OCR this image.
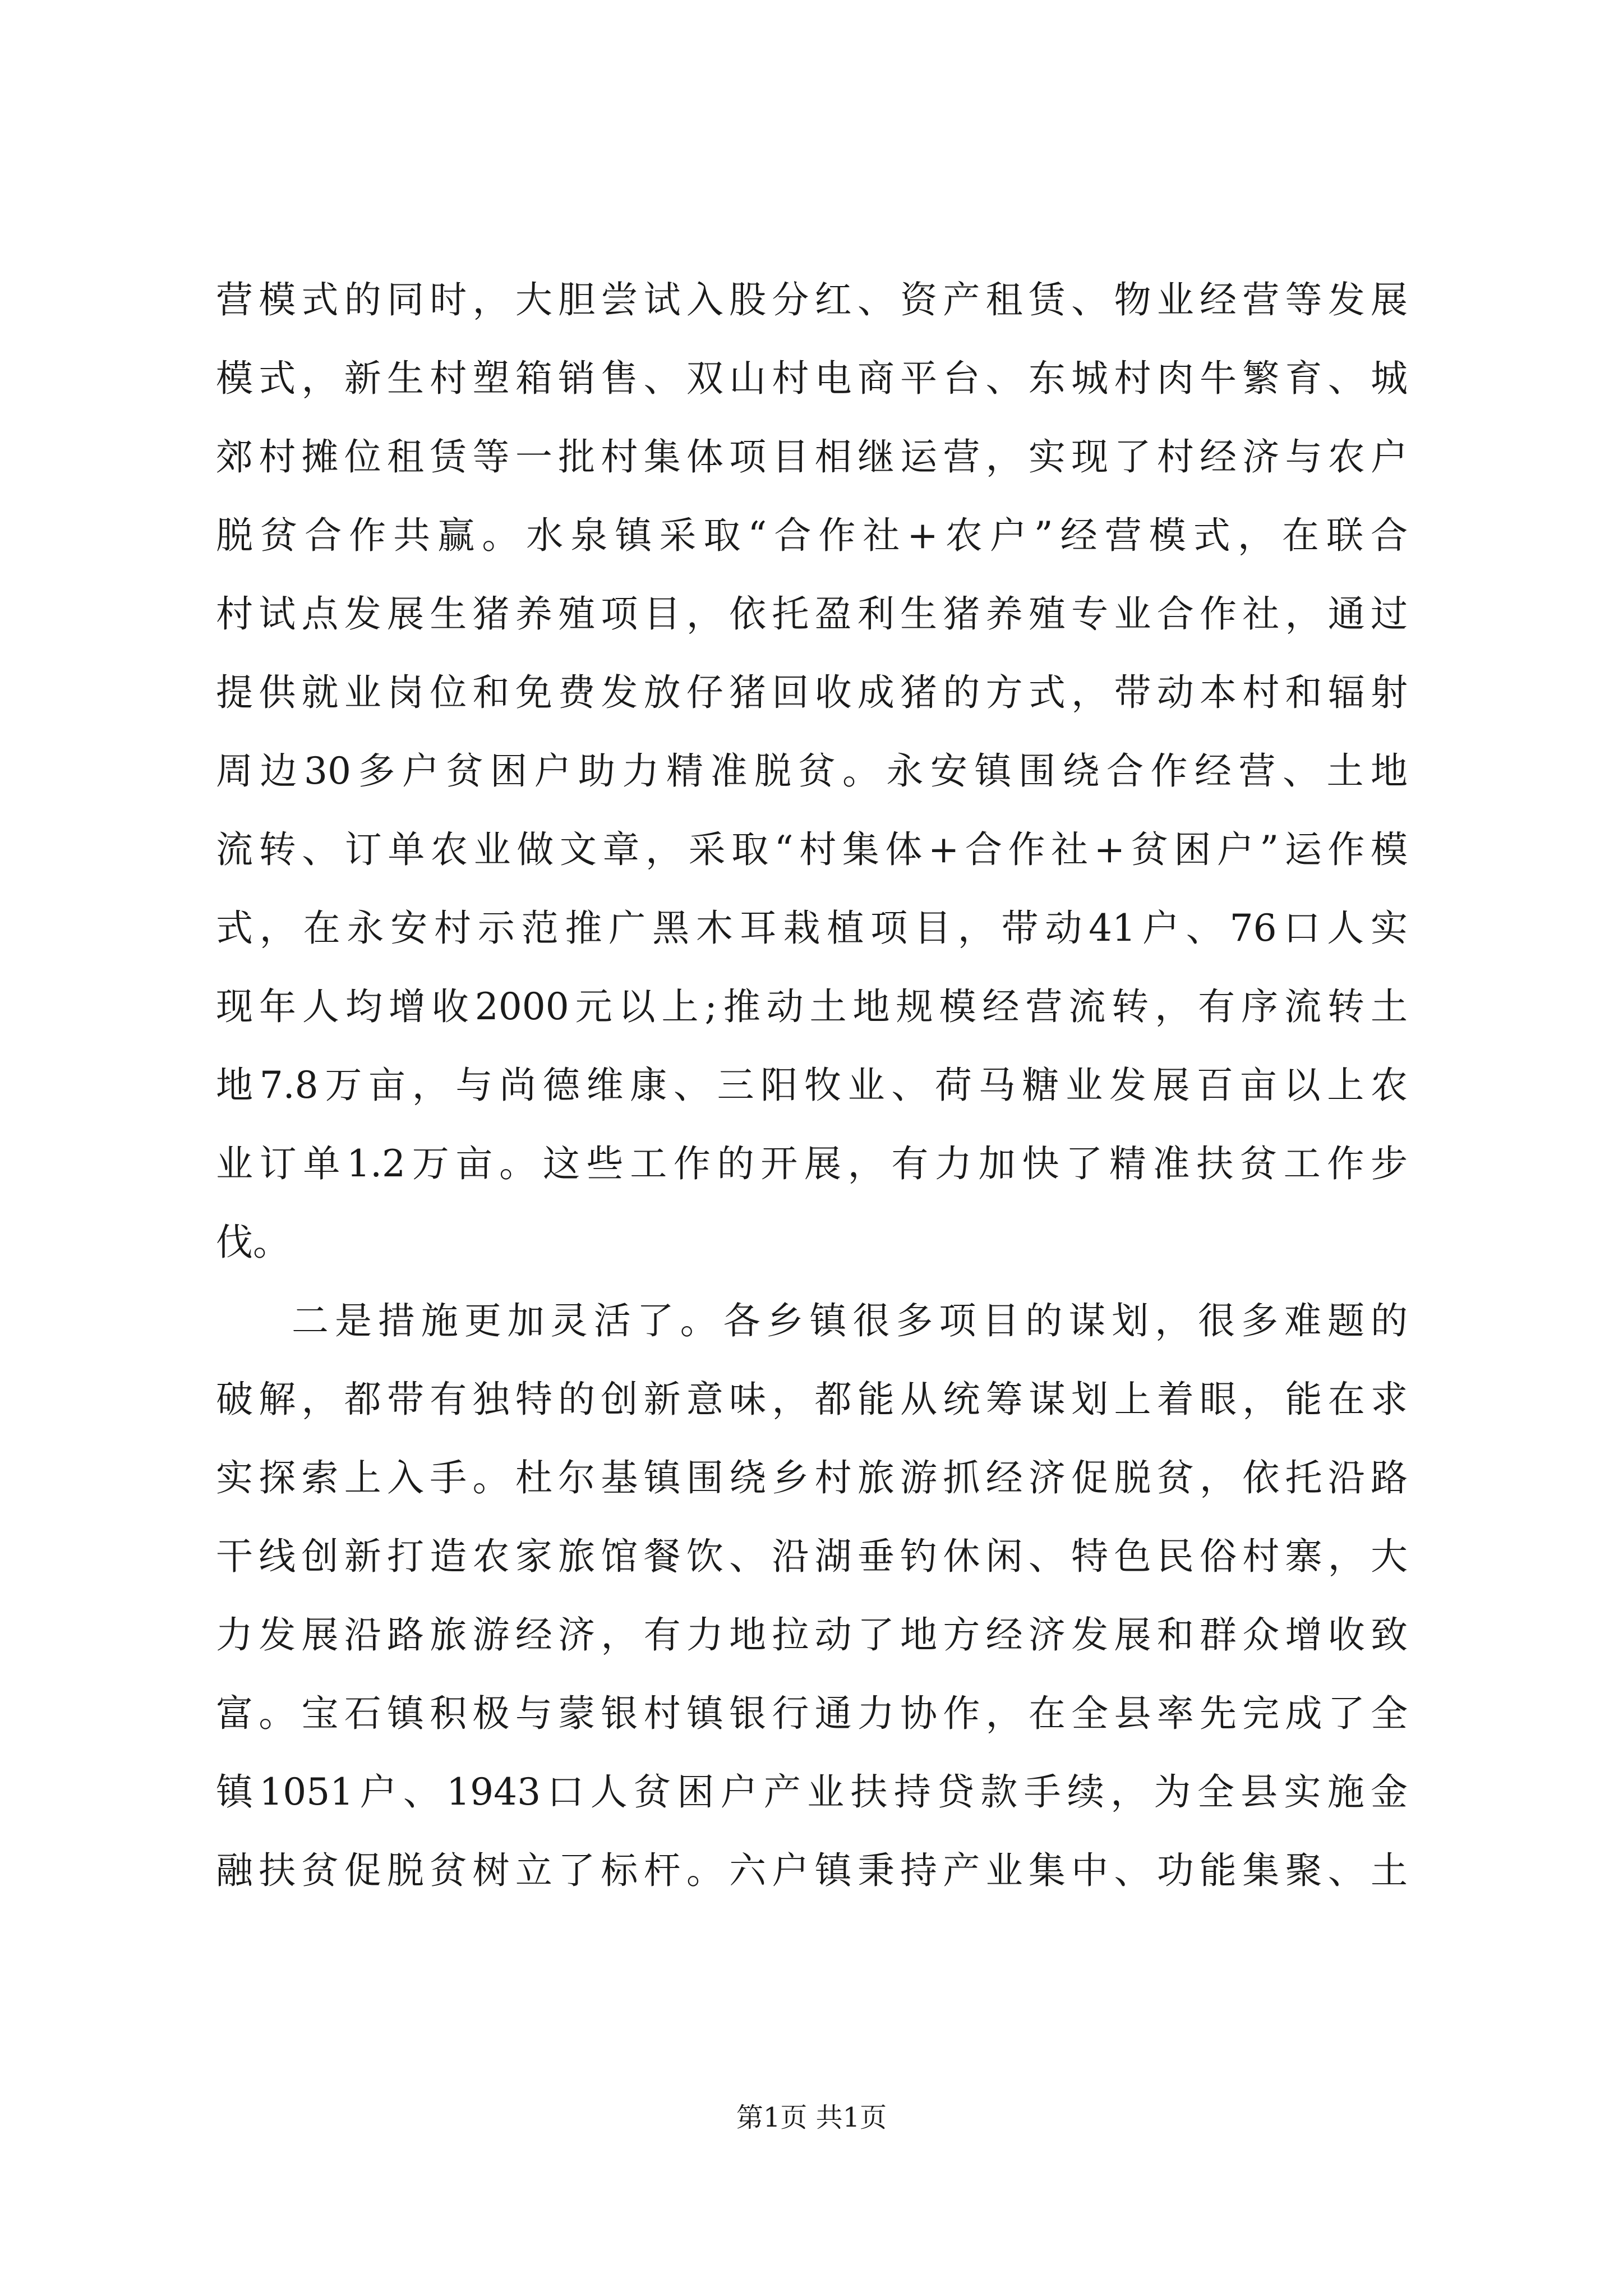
营模式的同时，大胆尝试入股分红、资产租赁、物业经营等发展
模式，新生村塑箱销售、双山村电商平台、东城村肉牛繁育、城
郊村摊位租赁等一批村集体项目相继运营，实现了村经济与农户
脱贫合作共赢。水泉镇采取“合作社+农户”经营模式，在联合
村试点发展生猪养殖项目，依托盈利生猪养殖专业合作社，通过
提供就业岗位和免费发放仔猪回收成猪的方式，带动本村和辐射
周边30多户贫困户助力精准脱贫。永安镇围绕合作经营、土地
流转、订单农业做文章，采取“村集体+合作社+贫困户”运作模
式，在永安村示范推广黑木耳栽植项目，带动41户、76口人实
现年人均增收2000元以上;推动土地规模经营流转，有序流转土
地7.8万亩，与尚德维康、三阳牧业、荷马糖业发展百亩以上农
业订单1.2万亩。这些工作的开展，有力加快了精准扶贫工作步
伐。
二是措施更加灵活了。各乡镇很多项目的谋划，很多难题的
破解，都带有独特的创新意味，都能从统筹谋划上着眼，能在求
实探索上入手。杜尔基镇围绕乡村旅游抓经济促脱贫，依托沿路
干线创新打造农家旅馆餐饮、沿湖垂钓休闲、特色民俗村寨，大
力发展沿路旅游经济，有力地拉动了地方经济发展和群众增收致
富。宝石镇积极与蒙银村镇银行通力协作，在全县率先完成了全
镇1051户、1943口人贫困户产业扶持贷款手续，为全县实施金
融扶贫促脱贫树立了标杆。六户镇秉持产业集中、功能集聚、土
第1页 共1页
